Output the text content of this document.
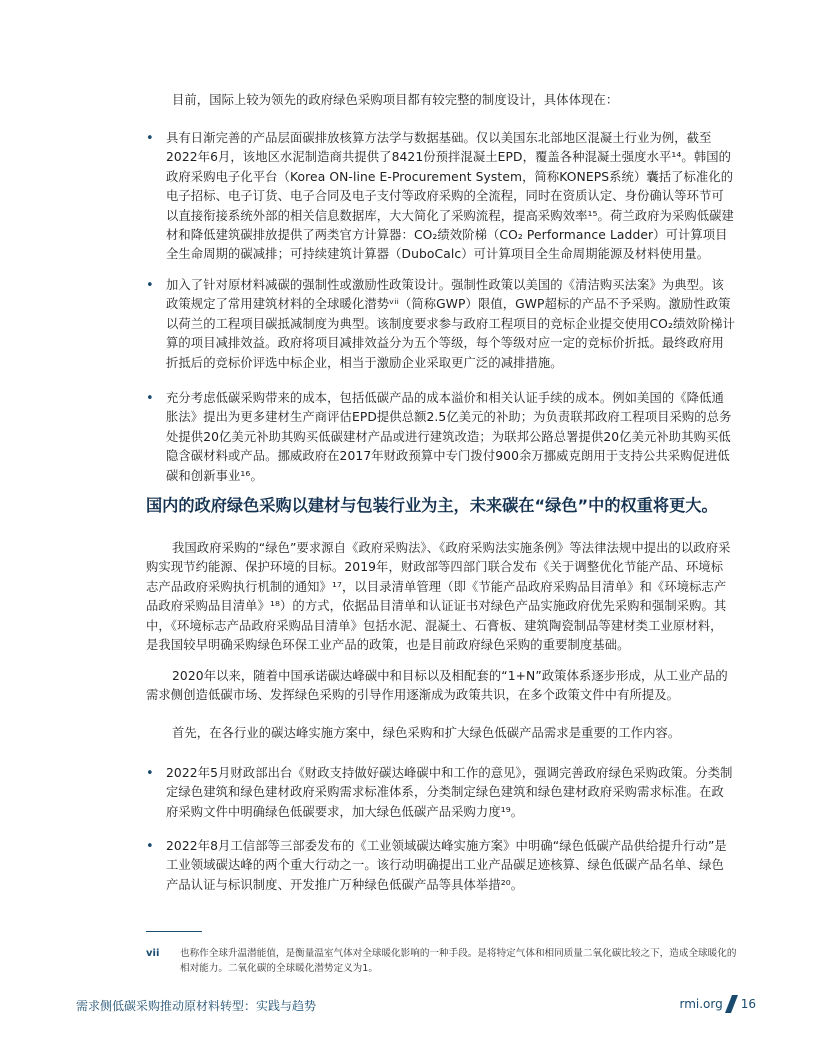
目前，国际上较为领先的政府绿色采购项目都有较完整的制度设计，具体体现在：
• 具有日渐完善的产品层面碳排放核算方法学与数据基础。仅以美国东北部地区混凝土行业为例，截至2022年6月，该地区水泥制造商共提供了8421份预拌混凝土EPD，覆盖各种混凝土强度水平¹⁴。韩国的政府采购电子化平台（Korea ON-line E-Procurement System，简称KONEPS系统）囊括了标准化的电子招标、电子订货、电子合同及电子支付等政府采购的全流程，同时在资质认定、身份确认等环节可以直接衔接系统外部的相关信息数据库，大大简化了采购流程，提高采购效率¹⁵。荷兰政府为采购低碳建材和降低建筑碳排放提供了两类官方计算器：CO₂绩效阶梯（CO₂ Performance Ladder）可计算项目全生命周期的碳减排；可持续建筑计算器（DuboCalc）可计算项目全生命周期能源及材料使用量。
• 加入了针对原材料减碳的强制性或激励性政策设计。强制性政策以美国的《清洁购买法案》为典型。该政策规定了常用建筑材料的全球暖化潜势ᵛⁱⁱ（简称GWP）限值，GWP超标的产品不予采购。激励性政策以荷兰的工程项目碳抵减制度为典型。该制度要求参与政府工程项目的竞标企业提交使用CO₂绩效阶梯计算的项目减排效益。政府将项目减排效益分为五个等级，每个等级对应一定的竞标价折抵。最终政府用折抵后的竞标价评选中标企业，相当于激励企业采取更广泛的减排措施。
• 充分考虑低碳采购带来的成本，包括低碳产品的成本溢价和相关认证手续的成本。例如美国的《降低通胀法》提出为更多建材生产商评估EPD提供总额2.5亿美元的补助；为负责联邦政府工程项目采购的总务处提供20亿美元补助其购买低碳建材产品或进行建筑改造；为联邦公路总署提供20亿美元补助其购买低隐含碳材料或产品。挪威政府在2017年财政预算中专门拨付900余万挪威克朗用于支持公共采购促进低碳和创新事业¹⁶。
国内的政府绿色采购以建材与包装行业为主，未来碳在“绿色”中的权重将更大。
我国政府采购的“绿色”要求源自《政府采购法》、《政府采购法实施条例》等法律法规中提出的以政府采购实现节约能源、保护环境的目标。2019年，财政部等四部门联合发布《关于调整优化节能产品、环境标志产品政府采购执行机制的通知》¹⁷，以目录清单管理（即《节能产品政府采购品目清单》和《环境标志产品政府采购品目清单》¹⁸）的方式，依据品目清单和认证证书对绿色产品实施政府优先采购和强制采购。其中，《环境标志产品政府采购品目清单》包括水泥、混凝土、石膏板、建筑陶瓷制品等建材类工业原材料，是我国较早明确采购绿色环保工业产品的政策，也是目前政府绿色采购的重要制度基础。
2020年以来，随着中国承诺碳达峰碳中和目标以及相配套的“1+N”政策体系逐步形成，从工业产品的需求侧创造低碳市场、发挥绿色采购的引导作用逐渐成为政策共识，在多个政策文件中有所提及。
首先，在各行业的碳达峰实施方案中，绿色采购和扩大绿色低碳产品需求是重要的工作内容。
• 2022年5月财政部出台《财政支持做好碳达峰碳中和工作的意见》，强调完善政府绿色采购政策。分类制定绿色建筑和绿色建材政府采购需求标准体系，分类制定绿色建筑和绿色建材政府采购需求标准。在政府采购文件中明确绿色低碳要求，加大绿色低碳产品采购力度¹⁹。
• 2022年8月工信部等三部委发布的《工业领域碳达峰实施方案》中明确“绿色低碳产品供给提升行动”是工业领域碳达峰的两个重大行动之一。该行动明确提出工业产品碳足迹核算、绿色低碳产品名单、绿色产品认证与标识制度、开发推广万种绿色低碳产品等具体举措²⁰。
vii 也称作全球升温潜能值，是衡量温室气体对全球暖化影响的一种手段。是将特定气体和相同质量二氧化碳比较之下，造成全球暖化的相对能力。二氧化碳的全球暖化潜势定义为1。
需求侧低碳采购推动原材料转型：实践与趋势	rmi.org 16
